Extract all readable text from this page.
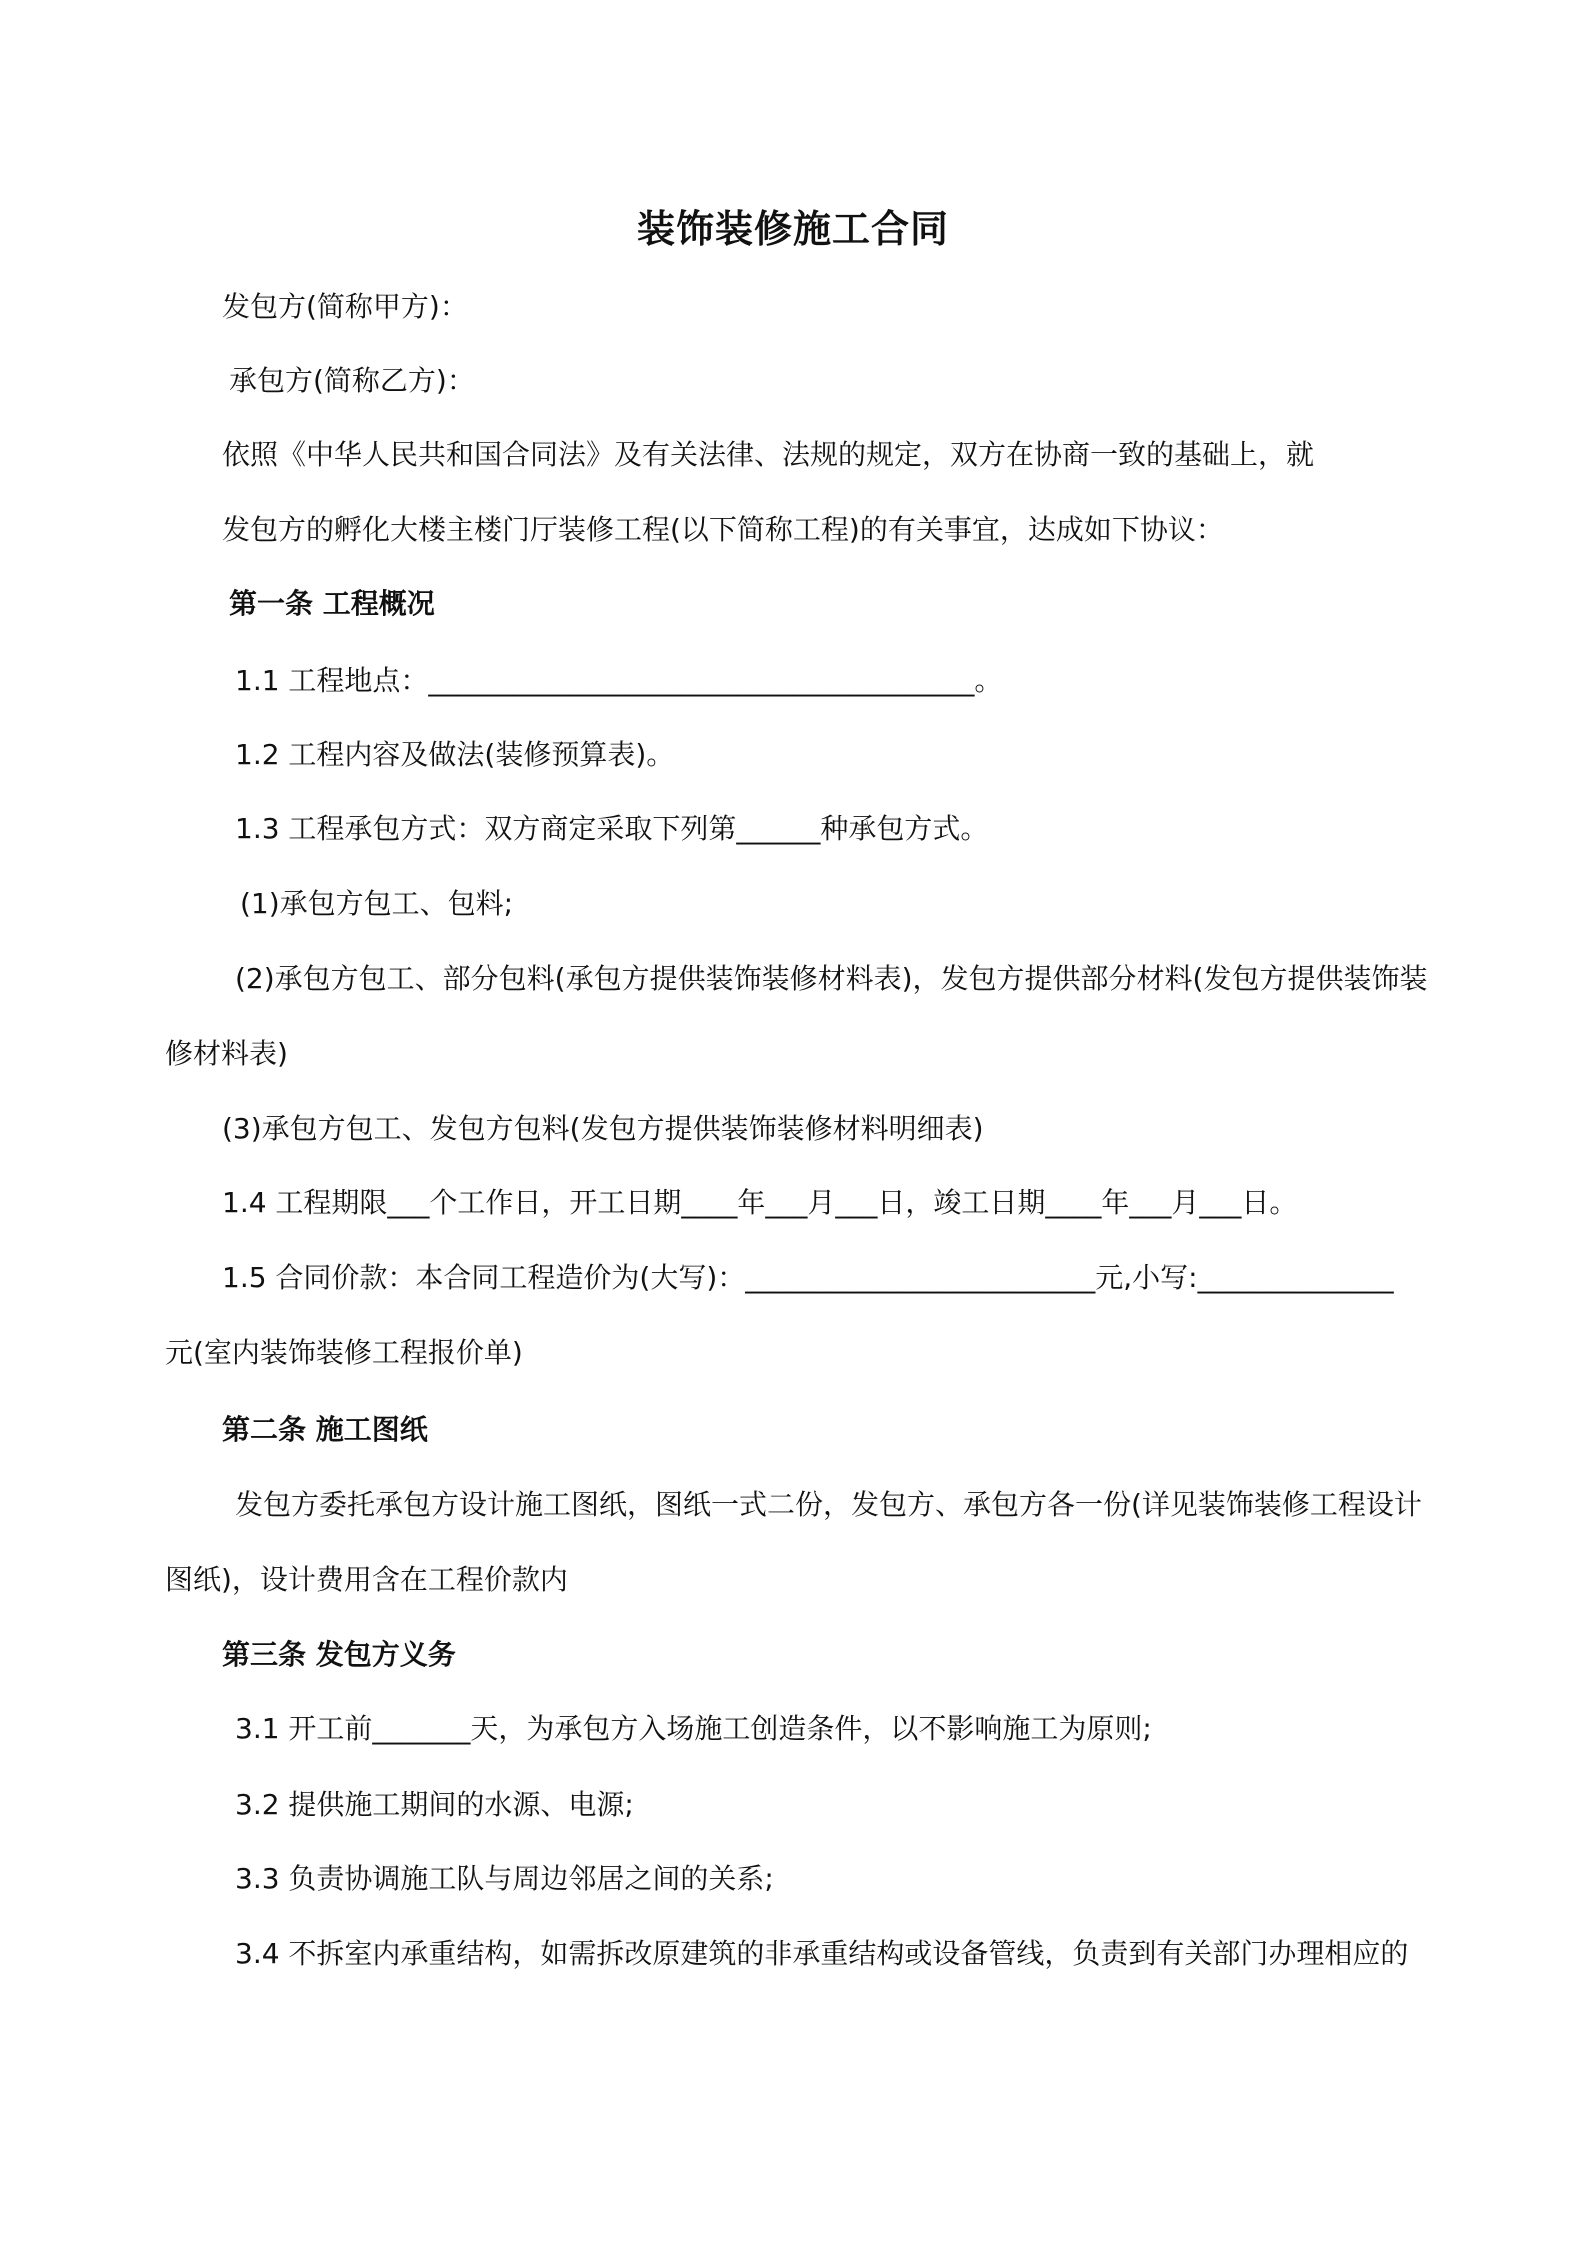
装饰装修施工合同
发包方(简称甲方)：
承包方(简称乙方)：
依照《中华人民共和国合同法》及有关法律、法规的规定，双方在协商一致的基础上，就
发包方的孵化大楼主楼门厅装修工程(以下简称工程)的有关事宜，达成如下协议：
第一条 工程概况
1.1 工程地点：_______________________________________。
1.2 工程内容及做法(装修预算表)。
1.3 工程承包方式：双方商定采取下列第______种承包方式。
(1)承包方包工、包料;
(2)承包方包工、部分包料(承包方提供装饰装修材料表)，发包方提供部分材料(发包方提供装饰装
修材料表)
(3)承包方包工、发包方包料(发包方提供装饰装修材料明细表)
1.4 工程期限___个工作日，开工日期____年___月___日，竣工日期____年___月___日。
1.5 合同价款：本合同工程造价为(大写)：_________________________元,小写:______________
元(室内装饰装修工程报价单)
第二条 施工图纸
发包方委托承包方设计施工图纸，图纸一式二份，发包方、承包方各一份(详见装饰装修工程设计
图纸)，设计费用含在工程价款内
第三条 发包方义务
3.1 开工前_______天，为承包方入场施工创造条件，以不影响施工为原则;
3.2 提供施工期间的水源、电源;
3.3 负责协调施工队与周边邻居之间的关系;
3.4 不拆室内承重结构，如需拆改原建筑的非承重结构或设备管线，负责到有关部门办理相应的
